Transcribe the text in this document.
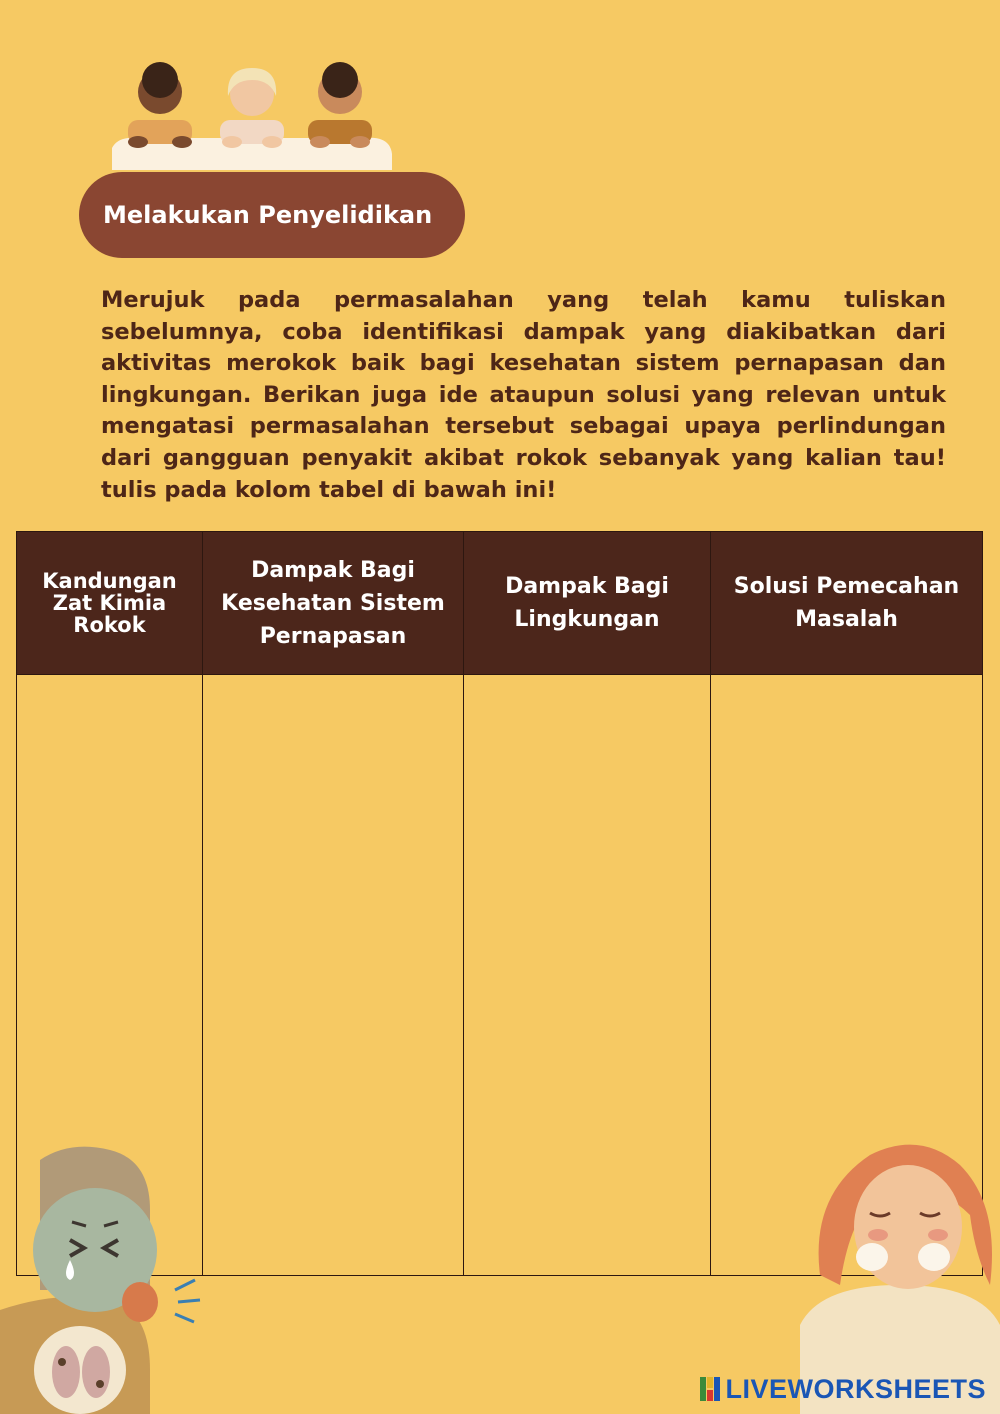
Melakukan Penyelidikan

Merujuk pada permasalahan yang telah kamu tuliskan sebelumnya, coba identifikasi dampak yang diakibatkan dari aktivitas merokok baik bagi kesehatan sistem pernapasan dan lingkungan. Berikan juga ide ataupun solusi yang relevan untuk mengatasi permasalahan tersebut sebagai upaya perlindungan dari gangguan penyakit akibat rokok sebanyak yang kalian tau! tulis pada kolom tabel di bawah ini!

Kandungan
Zat Kimia
Rokok
Dampak Bagi
Kesehatan Sistem
Pernapasan
Dampak Bagi
Lingkungan
Solusi Pemecahan
Masalah
LIVEWORKSHEETS
